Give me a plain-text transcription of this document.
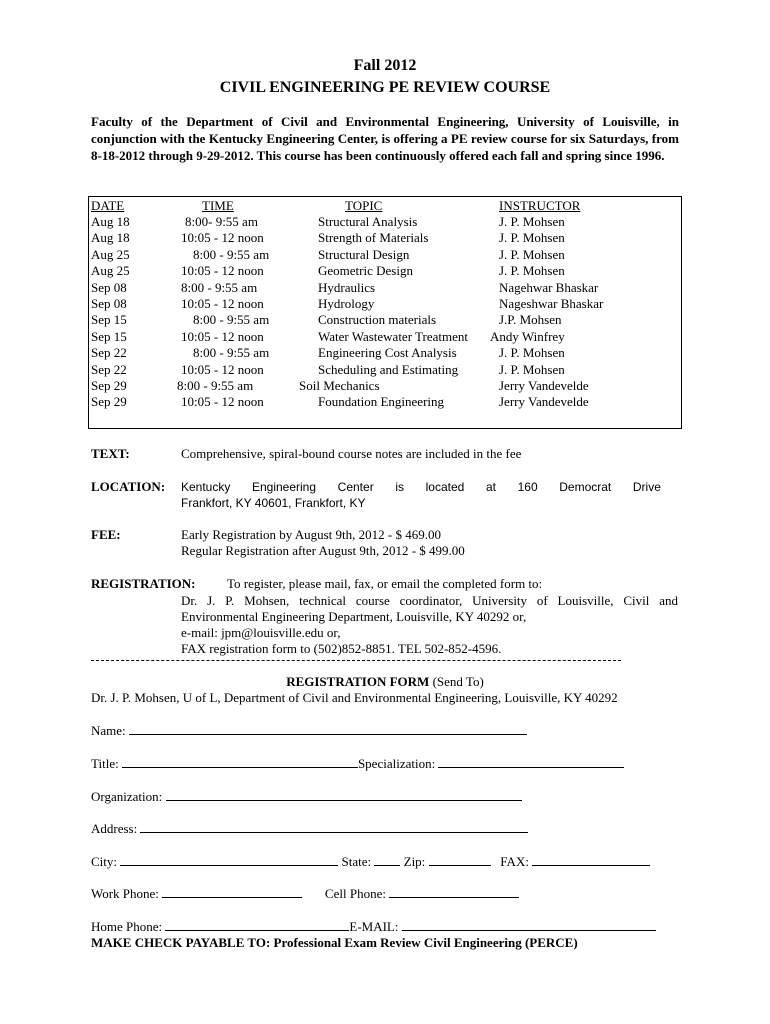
Fall 2012
CIVIL ENGINEERING PE REVIEW COURSE
Faculty of the Department of Civil and Environmental Engineering, University of Louisville, in conjunction with the Kentucky Engineering Center, is offering a PE review course for six Saturdays, from 8-18-2012 through 9-29-2012. This course has been continuously offered each fall and spring since 1996.
DATE	TIME	TOPIC	INSTRUCTOR
Aug 18	8:00- 9:55 am	Structural Analysis	J. P. Mohsen
Aug 18	10:05 - 12 noon	Strength of Materials	J. P. Mohsen
Aug 25	8:00 - 9:55 am	Structural Design	J. P. Mohsen
Aug 25	10:05 - 12 noon	Geometric Design	J. P. Mohsen
Sep 08	8:00 - 9:55 am	Hydraulics	Nagehwar Bhaskar
Sep 08	10:05 - 12 noon	Hydrology	Nageshwar Bhaskar
Sep 15	8:00 - 9:55 am	Construction materials	J.P. Mohsen
Sep 15	10:05 - 12 noon	Water Wastewater Treatment Andy Winfrey
Sep 22	8:00 - 9:55 am	Engineering Cost Analysis	J. P. Mohsen
Sep 22	10:05 - 12 noon	Scheduling and Estimating	J. P. Mohsen
Sep 29	8:00 - 9:55 am	Soil Mechanics	Jerry Vandevelde
Sep 29	10:05 - 12 noon	Foundation Engineering	Jerry Vandevelde
TEXT:	Comprehensive, spiral-bound course notes are included in the fee
LOCATION: Kentucky Engineering Center is located at 160 Democrat Drive
Frankfort, KY 40601, Frankfort, KY
FEE:	Early Registration by August 9th, 2012 - $ 469.00
Regular Registration after August 9th, 2012 - $ 499.00
REGISTRATION: To register, please mail, fax, or email the completed form to:
Dr. J. P. Mohsen, technical course coordinator, University of Louisville, Civil and
Environmental Engineering Department, Louisville, KY 40292 or,
e-mail: jpm@louisville.edu or,
FAX registration form to (502)852-8851. TEL 502-852-4596.
REGISTRATION FORM (Send To)
Dr. J. P. Mohsen, U of L, Department of Civil and Environmental Engineering, Louisville, KY 40292
Name:
Title:	Specialization:
Organization:
Address:
City:	State:	Zip:	FAX:
Work Phone:	Cell Phone:
Home Phone:	E-MAIL:
MAKE CHECK PAYABLE TO: Professional Exam Review Civil Engineering (PERCE)
